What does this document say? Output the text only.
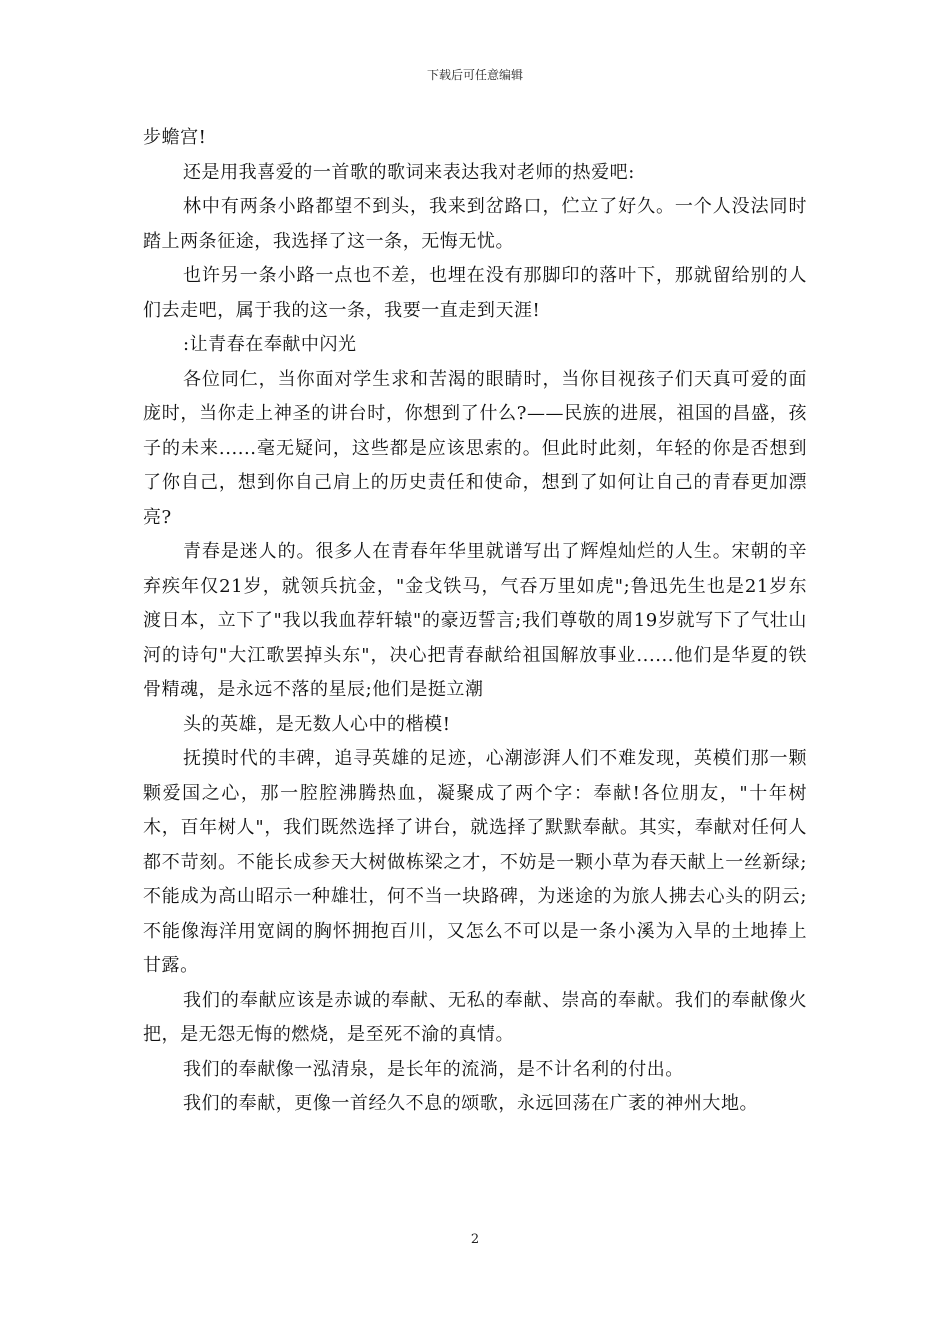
下载后可任意编辑

步蟾宫!

还是用我喜爱的一首歌的歌词来表达我对老师的热爱吧:

林中有两条小路都望不到头，我来到岔路口，伫立了好久。一个人没法同时踏上两条征途，我选择了这一条，无悔无忧。

也许另一条小路一点也不差，也埋在没有那脚印的落叶下，那就留给别的人们去走吧，属于我的这一条，我要一直走到天涯!

:让青春在奉献中闪光

各位同仁，当你面对学生求和苦渴的眼睛时，当你目视孩子们天真可爱的面庞时，当你走上神圣的讲台时，你想到了什么?——民族的进展，祖国的昌盛，孩子的未来......毫无疑问，这些都是应该思索的。但此时此刻，年轻的你是否想到了你自己，想到你自己肩上的历史责任和使命，想到了如何让自己的青春更加漂亮?

青春是迷人的。很多人在青春年华里就谱写出了辉煌灿烂的人生。宋朝的辛弃疾年仅21岁，就领兵抗金，"金戈铁马，气吞万里如虎";鲁迅先生也是21岁东渡日本，立下了"我以我血荐轩辕"的豪迈誓言;我们尊敬的周19岁就写下了气壮山河的诗句"大江歌罢掉头东"，决心把青春献给祖国解放事业......他们是华夏的铁骨精魂，是永远不落的星辰;他们是挺立潮

头的英雄，是无数人心中的楷模!

抚摸时代的丰碑，追寻英雄的足迹，心潮澎湃人们不难发现，英模们那一颗颗爱国之心，那一腔腔沸腾热血，凝聚成了两个字：奉献!各位朋友，"十年树木，百年树人"，我们既然选择了讲台，就选择了默默奉献。其实，奉献对任何人都不苛刻。不能长成参天大树做栋梁之才，不妨是一颗小草为春天献上一丝新绿;不能成为高山昭示一种雄壮，何不当一块路碑，为迷途的为旅人拂去心头的阴云;不能像海洋用宽阔的胸怀拥抱百川，又怎么不可以是一条小溪为入旱的土地捧上甘露。

我们的奉献应该是赤诚的奉献、无私的奉献、崇高的奉献。我们的奉献像火把，是无怨无悔的燃烧，是至死不渝的真情。

我们的奉献像一泓清泉，是长年的流淌，是不计名利的付出。

我们的奉献，更像一首经久不息的颂歌，永远回荡在广袤的神州大地。

2
